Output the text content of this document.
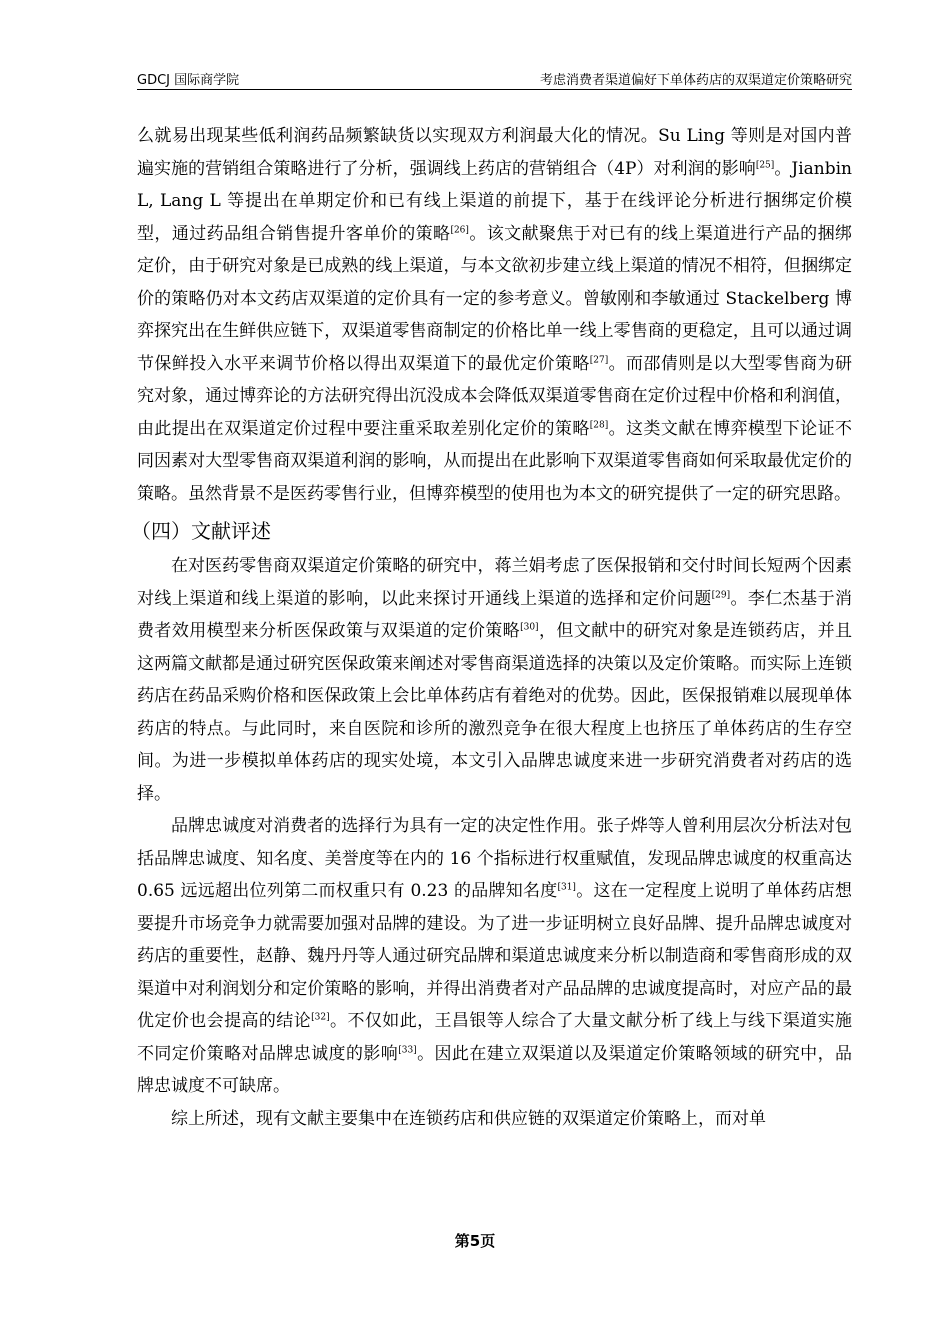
GDCJ 国际商学院	考虑消费者渠道偏好下单体药店的双渠道定价策略研究

么就易出现某些低利润药品频繁缺货以实现双方利润最大化的情况。Su Ling 等则是对国内普遍实施的营销组合策略进行了分析，强调线上药店的营销组合（4P）对利润的影响[25]。Jianbin L, Lang L 等提出在单期定价和已有线上渠道的前提下，基于在线评论分析进行捆绑定价模型，通过药品组合销售提升客单价的策略[26]。该文献聚焦于对已有的线上渠道进行产品的捆绑定价，由于研究对象是已成熟的线上渠道，与本文欲初步建立线上渠道的情况不相符，但捆绑定价的策略仍对本文药店双渠道的定价具有一定的参考意义。曾敏刚和李敏通过 Stackelberg 博弈探究出在生鲜供应链下，双渠道零售商制定的价格比单一线上零售商的更稳定，且可以通过调节保鲜投入水平来调节价格以得出双渠道下的最优定价策略[27]。而邵倩则是以大型零售商为研究对象，通过博弈论的方法研究得出沉没成本会降低双渠道零售商在定价过程中价格和利润值，由此提出在双渠道定价过程中要注重采取差别化定价的策略[28]。这类文献在博弈模型下论证不同因素对大型零售商双渠道利润的影响，从而提出在此影响下双渠道零售商如何采取最优定价的策略。虽然背景不是医药零售行业，但博弈模型的使用也为本文的研究提供了一定的研究思路。

（四）文献评述

在对医药零售商双渠道定价策略的研究中，蒋兰娟考虑了医保报销和交付时间长短两个因素对线上渠道和线上渠道的影响，以此来探讨开通线上渠道的选择和定价问题[29]。李仁杰基于消费者效用模型来分析医保政策与双渠道的定价策略[30]，但文献中的研究对象是连锁药店，并且这两篇文献都是通过研究医保政策来阐述对零售商渠道选择的决策以及定价策略。而实际上连锁药店在药品采购价格和医保政策上会比单体药店有着绝对的优势。因此，医保报销难以展现单体药店的特点。与此同时，来自医院和诊所的激烈竞争在很大程度上也挤压了单体药店的生存空间。为进一步模拟单体药店的现实处境，本文引入品牌忠诚度来进一步研究消费者对药店的选择。

品牌忠诚度对消费者的选择行为具有一定的决定性作用。张子烨等人曾利用层次分析法对包括品牌忠诚度、知名度、美誉度等在内的 16 个指标进行权重赋值，发现品牌忠诚度的权重高达 0.65 远远超出位列第二而权重只有 0.23 的品牌知名度[31]。这在一定程度上说明了单体药店想要提升市场竞争力就需要加强对品牌的建设。为了进一步证明树立良好品牌、提升品牌忠诚度对药店的重要性，赵静、魏丹丹等人通过研究品牌和渠道忠诚度来分析以制造商和零售商形成的双渠道中对利润划分和定价策略的影响，并得出消费者对产品品牌的忠诚度提高时，对应产品的最优定价也会提高的结论[32]。不仅如此，王昌银等人综合了大量文献分析了线上与线下渠道实施不同定价策略对品牌忠诚度的影响[33]。因此在建立双渠道以及渠道定价策略领域的研究中，品牌忠诚度不可缺席。

综上所述，现有文献主要集中在连锁药店和供应链的双渠道定价策略上，而对单

第5页
